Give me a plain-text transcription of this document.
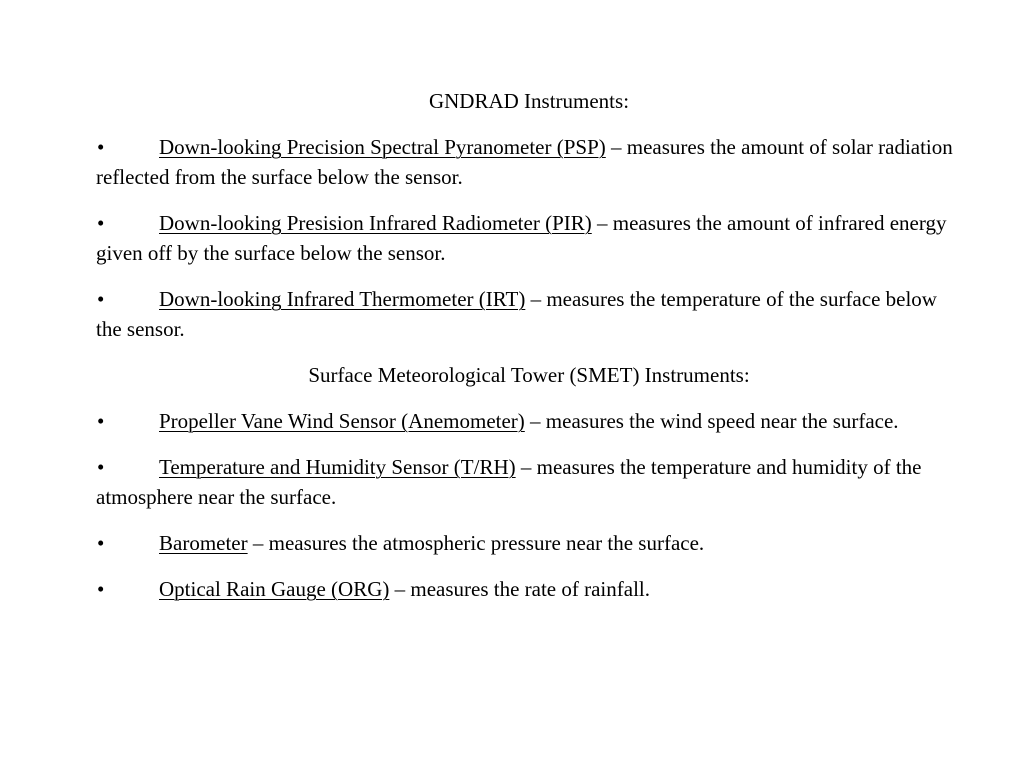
GNDRAD Instruments:

•	Down-looking Precision Spectral Pyranometer (PSP) – measures the amount of solar radiation reflected from the surface below the sensor.

•	Down-looking Presision Infrared Radiometer (PIR) – measures the amount of infrared energy given off by the surface below the sensor.

•	Down-looking Infrared Thermometer (IRT) – measures the temperature of the surface below the sensor.

Surface Meteorological Tower (SMET) Instruments:

•	Propeller Vane Wind Sensor (Anemometer) – measures the wind speed near the surface.

•	Temperature and Humidity Sensor (T/RH) – measures the temperature and humidity of the atmosphere near the surface.

•	Barometer – measures the atmospheric pressure near the surface.

•	Optical Rain Gauge (ORG) – measures the rate of rainfall.
